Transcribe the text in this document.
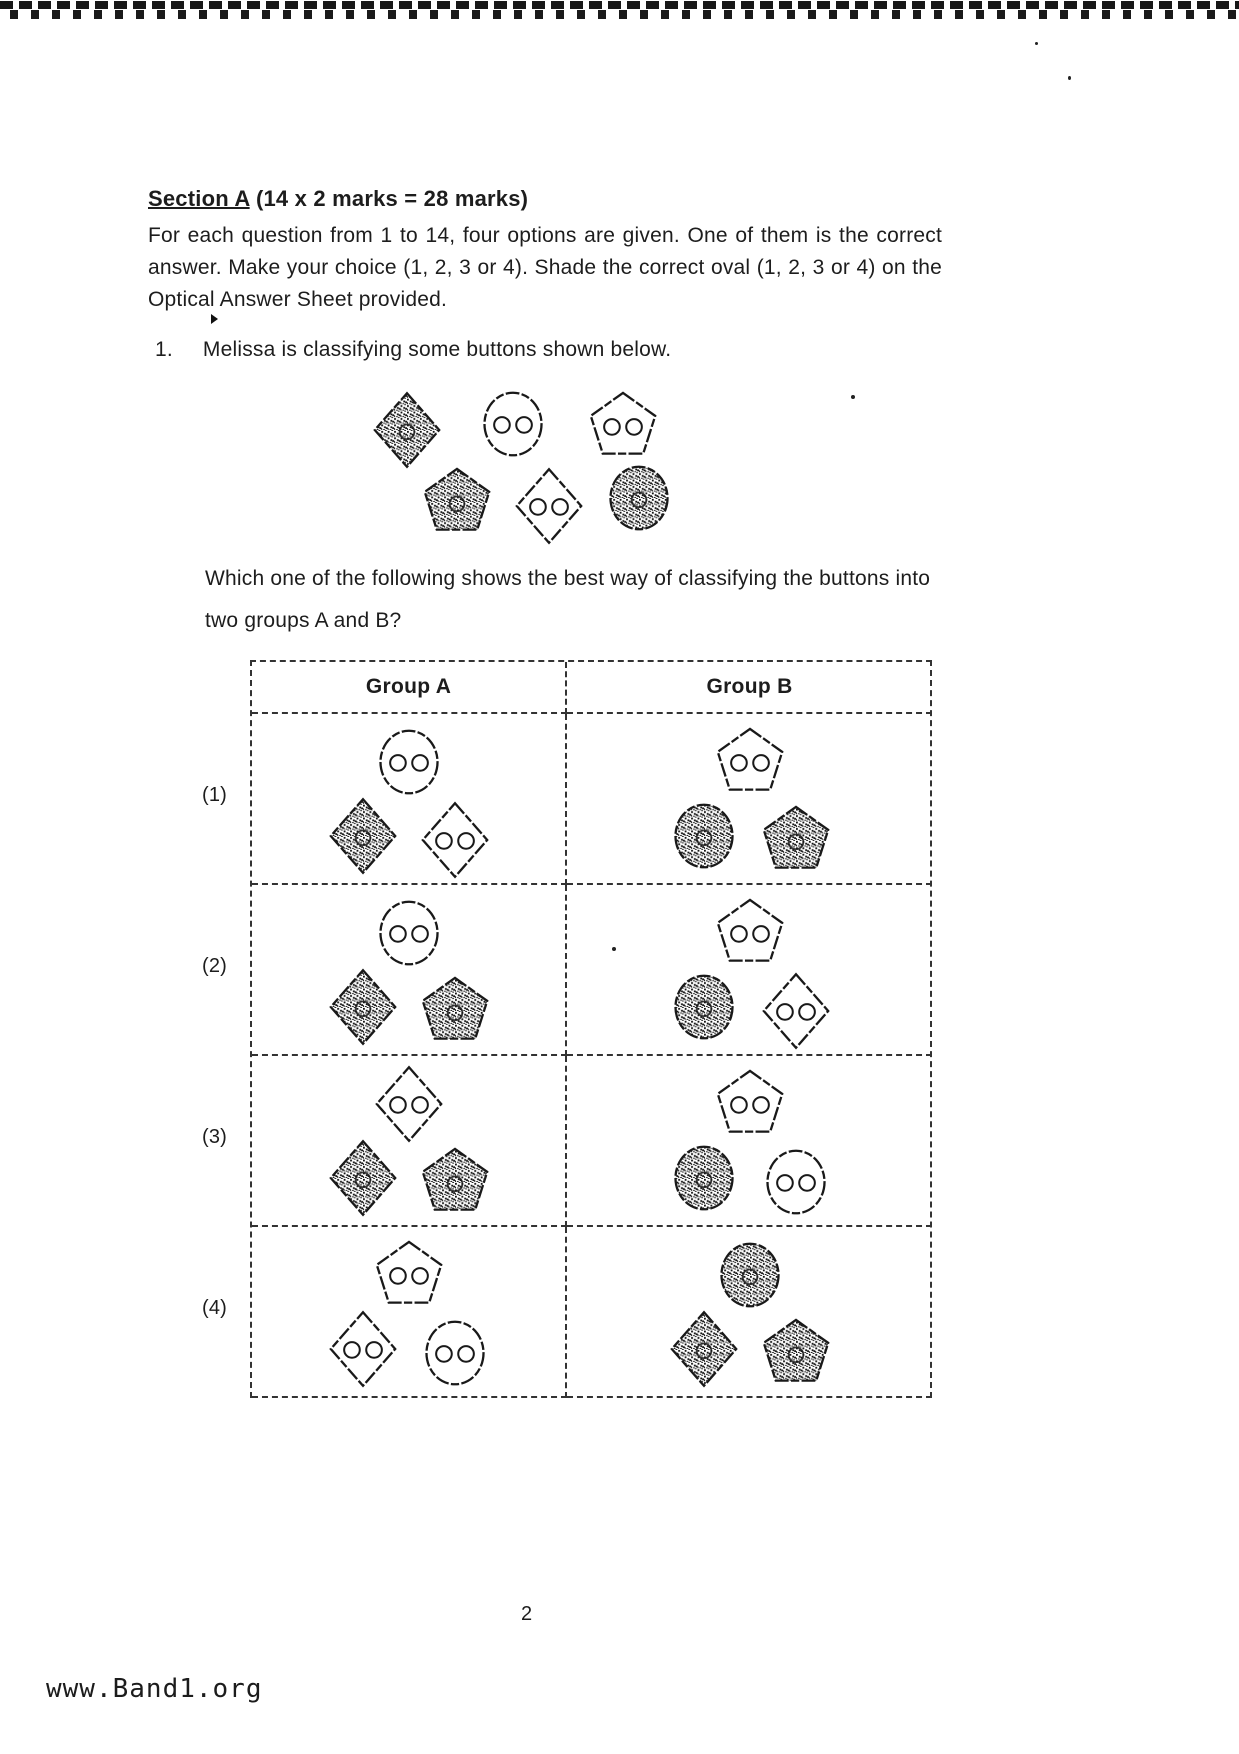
Section A (14 x 2 marks = 28 marks)
For each question from 1 to 14, four options are given. One of them is the correct answer. Make your choice (1, 2, 3 or 4). Shade the correct oval (1, 2, 3 or 4) on the Optical Answer Sheet provided.
1. Melissa is classifying some buttons shown below.
Which one of the following shows the best way of classifying the buttons into
two groups A and B?
Group A	Group B
(1)
(2)
(3)
(4)
2
www.Band1.org
